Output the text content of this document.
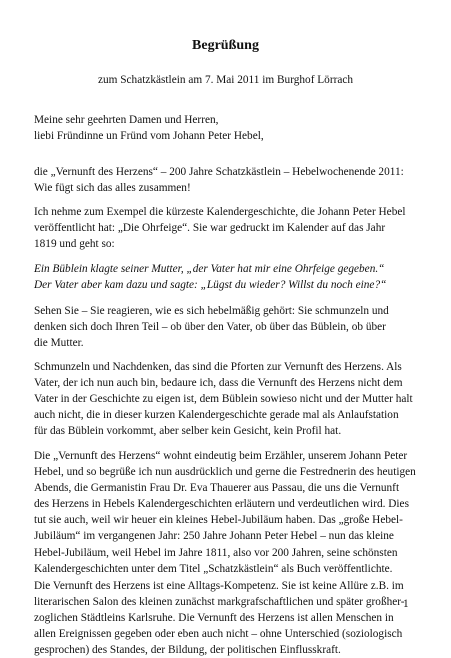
Begrüßung
zum Schatzkästlein am 7. Mai 2011 im Burghof Lörrach
Meine sehr geehrten Damen und Herren,
liebi Fründinne un Fründ vom Johann Peter Hebel,
die „Vernunft des Herzens“ – 200 Jahre Schatzkästlein – Hebelwochenende 2011:
Wie fügt sich das alles zusammen!
Ich nehme zum Exempel die kürzeste Kalendergeschichte, die Johann Peter Hebel
veröffentlicht hat: „Die Ohrfeige“. Sie war gedruckt im Kalender auf das Jahr
1819 und geht so:
Ein Büblein klagte seiner Mutter, „der Vater hat mir eine Ohrfeige gegeben.“
Der Vater aber kam dazu und sagte: „Lügst du wieder? Willst du noch eine?“
Sehen Sie – Sie reagieren, wie es sich hebelmäßig gehört: Sie schmunzeln und
denken sich doch Ihren Teil – ob über den Vater, ob über das Büblein, ob über
die Mutter.
Schmunzeln und Nachdenken, das sind die Pforten zur Vernunft des Herzens. Als
Vater, der ich nun auch bin, bedaure ich, dass die Vernunft des Herzens nicht dem
Vater in der Geschichte zu eigen ist, dem Büblein sowieso nicht und der Mutter halt
auch nicht, die in dieser kurzen Kalendergeschichte gerade mal als Anlaufstation
für das Büblein vorkommt, aber selber kein Gesicht, kein Profil hat.
Die „Vernunft des Herzens“ wohnt eindeutig beim Erzähler, unserem Johann Peter
Hebel, und so begrüße ich nun ausdrücklich und gerne die Festrednerin des heutigen
Abends, die Germanistin Frau Dr. Eva Thauerer aus Passau, die uns die Vernunft
des Herzens in Hebels Kalendergeschichten erläutern und verdeutlichen wird. Dies
tut sie auch, weil wir heuer ein kleines Hebel-Jubiläum haben. Das „große Hebel-
Jubiläum“ im vergangenen Jahr: 250 Jahre Johann Peter Hebel – nun das kleine
Hebel-Jubiläum, weil Hebel im Jahre 1811, also vor 200 Jahren, seine schönsten
Kalendergeschichten unter dem Titel „Schatzkästlein“ als Buch veröffentlichte.
Die Vernunft des Herzens ist eine Alltags-Kompetenz. Sie ist keine Allüre z.B. im
literarischen Salon des kleinen zunächst markgrafschaftlichen und später großher-
zoglichen Städtleins Karlsruhe. Die Vernunft des Herzens ist allen Menschen in
allen Ereignissen gegeben oder eben auch nicht – ohne Unterschied (soziologisch
gesprochen) des Standes, der Bildung, der politischen Einflusskraft.
1
